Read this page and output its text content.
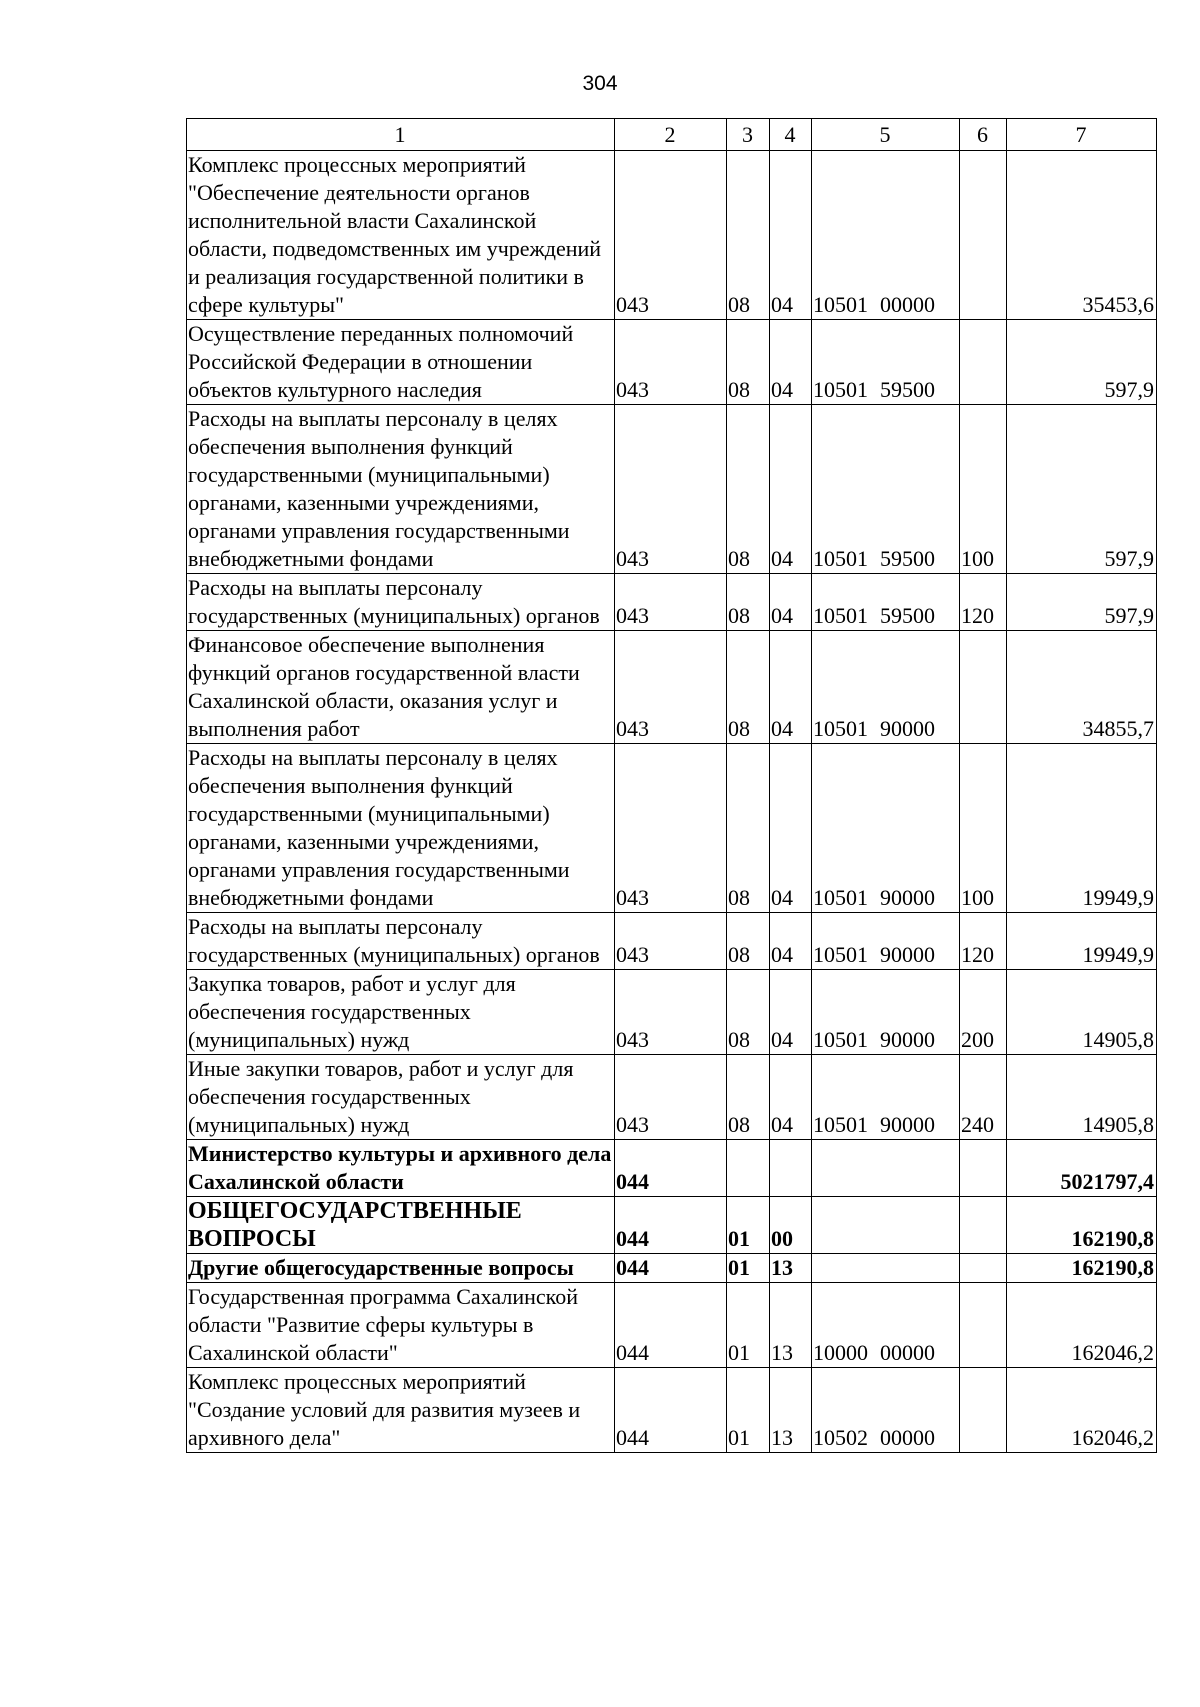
304
1	2	3	4	5	6	7
Комплекс процессных мероприятий "Обеспечение деятельности органов исполнительной власти Сахалинской области, подведомственных им учреждений и реализация государственной политики в сфере культуры"	043	08	04	10501 00000		35453,6
Осуществление переданных полномочий Российской Федерации в отношении объектов культурного наследия	043	08	04	10501 59500		597,9
Расходы на выплаты персоналу в целях обеспечения выполнения функций государственными (муниципальными) органами, казенными учреждениями, органами управления государственными внебюджетными фондами	043	08	04	10501 59500	100	597,9
Расходы на выплаты персоналу государственных (муниципальных) органов	043	08	04	10501 59500	120	597,9
Финансовое обеспечение выполнения функций органов государственной власти Сахалинской области, оказания услуг и выполнения работ	043	08	04	10501 90000		34855,7
Расходы на выплаты персоналу в целях обеспечения выполнения функций государственными (муниципальными) органами, казенными учреждениями, органами управления государственными внебюджетными фондами	043	08	04	10501 90000	100	19949,9
Расходы на выплаты персоналу государственных (муниципальных) органов	043	08	04	10501 90000	120	19949,9
Закупка товаров, работ и услуг для обеспечения государственных (муниципальных) нужд	043	08	04	10501 90000	200	14905,8
Иные закупки товаров, работ и услуг для обеспечения государственных (муниципальных) нужд	043	08	04	10501 90000	240	14905,8
Министерство культуры и архивного дела Сахалинской области	044					5021797,4
ОБЩЕГОСУДАРСТВЕННЫЕ ВОПРОСЫ	044	01	00			162190,8
Другие общегосударственные вопросы	044	01	13			162190,8
Государственная программа Сахалинской области "Развитие сферы культуры в Сахалинской области"	044	01	13	10000 00000		162046,2
Комплекс процессных мероприятий "Создание условий для развития музеев и архивного дела"	044	01	13	10502 00000		162046,2
